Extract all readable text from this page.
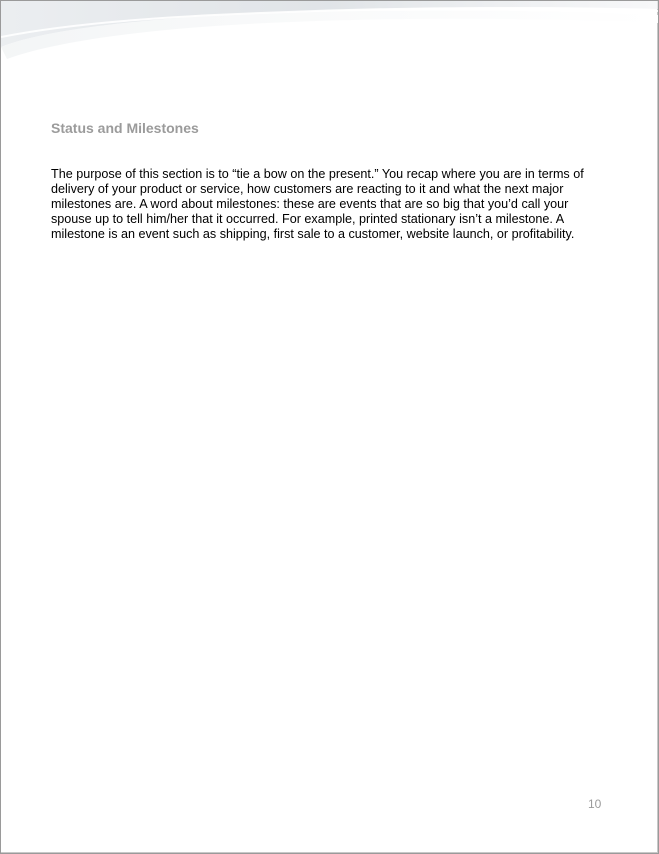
Status and Milestones

The purpose of this section is to “tie a bow on the present.” You recap where you are in terms of delivery of your product or service, how customers are reacting to it and what the next major milestones are. A word about milestones: these are events that are so big that you’d call your spouse up to tell him/her that it occurred. For example, printed stationary isn’t a milestone. A milestone is an event such as shipping, first sale to a customer, website launch, or profitability.

10
